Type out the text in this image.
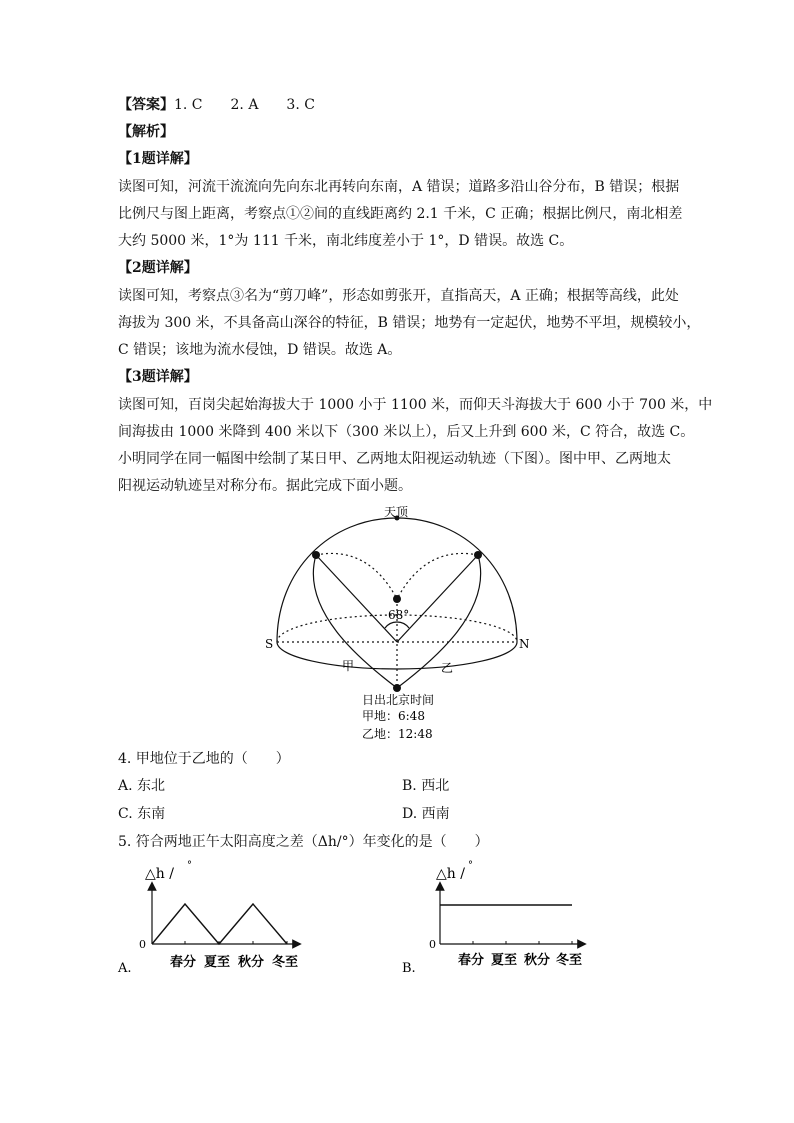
【答案】1. C　　2. A　　3. C
【解析】
【1题详解】
读图可知，河流干流流向先向东北再转向东南，A 错误；道路多沿山谷分布，B 错误；根据
比例尺与图上距离，考察点①②间的直线距离约 2.1 千米，C 正确；根据比例尺，南北相差
大约 5000 米，1°为 111 千米，南北纬度差小于 1°，D 错误。故选 C。
【2题详解】
读图可知，考察点③名为“剪刀峰”，形态如剪张开，直指高天，A 正确；根据等高线，此处
海拔为 300 米，不具备高山深谷的特征，B 错误；地势有一定起伏，地势不平坦，规模较小，
C 错误；该地为流水侵蚀，D 错误。故选 A。
【3题详解】
读图可知，百岗尖起始海拔大于 1000 小于 1100 米，而仰天斗海拔大于 600 小于 700 米，中
间海拔由 1000 米降到 400 米以下（300 米以上），后又上升到 600 米，C 符合，故选 C。
小明同学在同一幅图中绘制了某日甲、乙两地太阳视运动轨迹（下图）。图中甲、乙两地太
阳视运动轨迹呈对称分布。据此完成下面小题。
天顶
S	N
68°
甲	乙
日出北京时间
甲地：6:48
乙地：12:48
4. 甲地位于乙地的（　　）
A. 东北	B. 西北
C. 东南	D. 西南
5. 符合两地正午太阳高度之差（Δh/°）年变化的是（　　）
△h /
°
0
春分 夏至 秋分 冬至
A.
△h /
°
0
春分 夏至 秋分 冬至
B.
